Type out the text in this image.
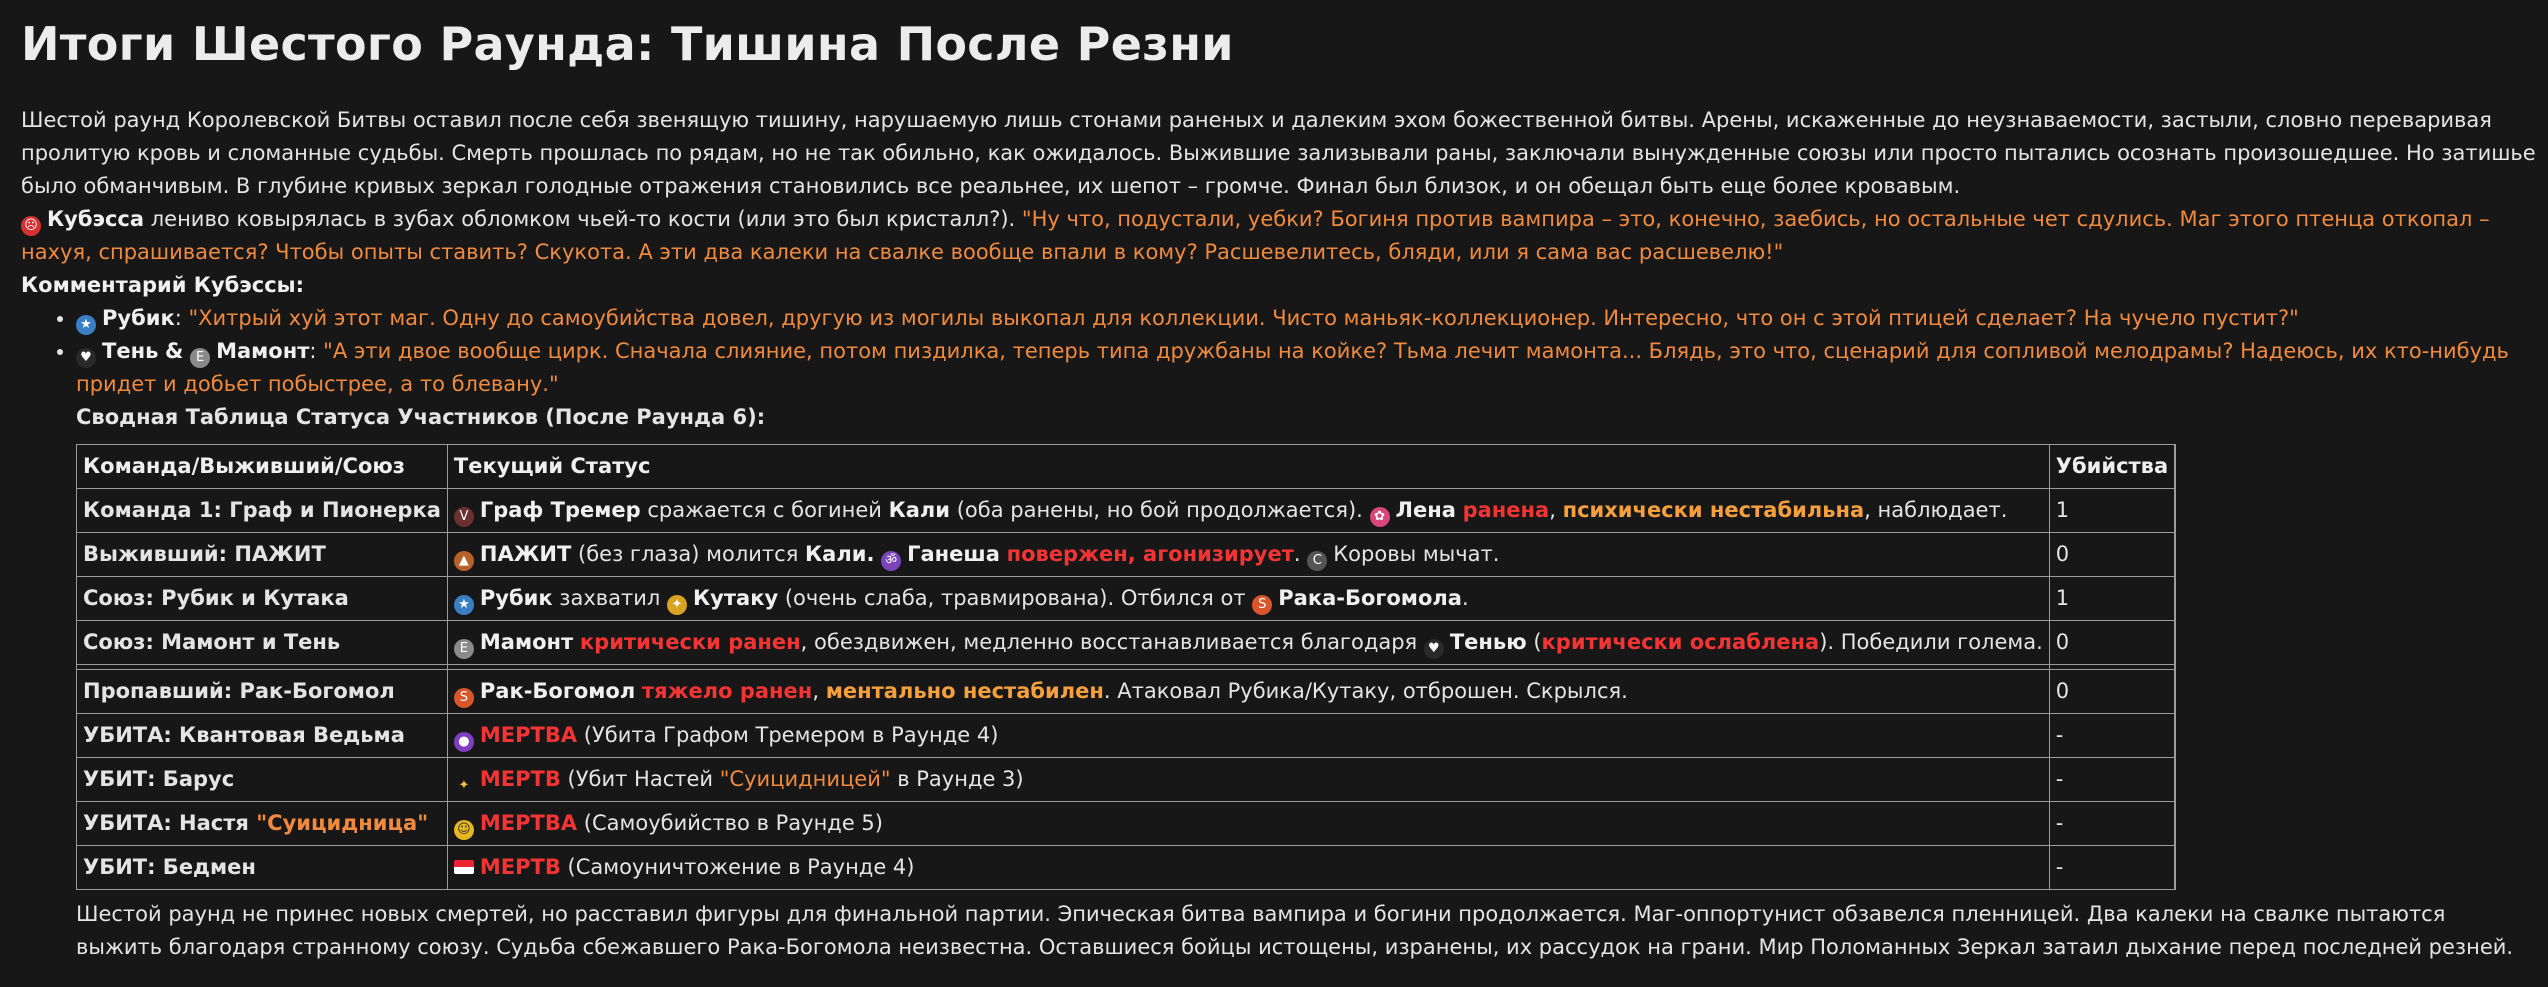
Итоги Шестого Раунда: Тишина После Резни

Шестой раунд Королевской Битвы оставил после себя звенящую тишину, нарушаемую лишь стонами раненых и далеким эхом божественной битвы. Арены, искаженные до неузнаваемости, застыли, словно переваривая пролитую кровь и сломанные судьбы. Смерть прошлась по рядам, но не так обильно, как ожидалось. Выжившие зализывали раны, заключали вынужденные союзы или просто пытались осознать произошедшее. Но затишье было обманчивым. В глубине кривых зеркал голодные отражения становились все реальнее, их шепот – громче. Финал был близок, и он обещал быть еще более кровавым.

☹ Кубэсса лениво ковырялась в зубах обломком чьей-то кости (или это был кристалл?). "Ну что, подустали, уебки? Богиня против вампира – это, конечно, заебись, но остальные чет сдулись. Маг этого птенца откопал – нахуя, спрашивается? Чтобы опыты ставить? Скукота. А эти два калеки на свалке вообще впали в кому? Расшевелитесь, бляди, или я сама вас расшевелю!"

Комментарий Кубэссы:

• ★ Рубик: "Хитрый хуй этот маг. Одну до самоубийства довел, другую из могилы выкопал для коллекции. Чисто маньяк-коллекционер. Интересно, что он с этой птицей сделает? На чучело пустит?"
• ♥ Тень & E Мамонт: "А эти двое вообще цирк. Сначала слияние, потом пиздилка, теперь типа дружбаны на койке? Тьма лечит мамонта... Блядь, это что, сценарий для сопливой мелодрамы? Надеюсь, их кто-нибудь придет и добьет побыстрее, а то блевану."

Сводная Таблица Статуса Участников (После Раунда 6):

Команда/Выживший/Союз	Текущий Статус	Убийства	
Команда 1: Граф и Пионерка	V Граф Тремер сражается с богиней Кали (оба ранены, но бой продолжается). ✿ Лена ранена, психически нестабильна, наблюдает.	1	
Выживший: ПАЖИТ	▲ ПАЖИТ (без глаза) молится Кали. ॐ Ганеша повержен, агонизирует. C Коровы мычат.	0	
Союз: Рубик и Кутака	★ Рубик захватил ✦ Кутаку (очень слаба, травмирована). Отбился от S Рака-Богомола.	1	
Союз: Мамонт и Тень	E Мамонт критически ранен, обездвижен, медленно восстанавливается благодаря ♥ Тенью (критически ослаблена). Победили голема.	0	

Пропавший: Рак-Богомол	S Рак-Богомол тяжело ранен, ментально нестабилен. Атаковал Рубика/Кутаку, отброшен. Скрылся.	0	
УБИТА: Квантовая Ведьма	● МЕРТВА (Убита Графом Тремером в Раунде 4)	-	
УБИТ: Барус	✦ МЕРТВ (Убит Настей "Суицидницей" в Раунде 3)	-	
УБИТА: Настя "Суицидница"	☺ МЕРТВА (Самоубийство в Раунде 5)	-	
УБИТ: Бедмен	МЕРТВ (Самоуничтожение в Раунде 4)	-	

Шестой раунд не принес новых смертей, но расставил фигуры для финальной партии. Эпическая битва вампира и богини продолжается. Маг-оппортунист обзавелся пленницей. Два калеки на свалке пытаются выжить благодаря странному союзу. Судьба сбежавшего Рака-Богомола неизвестна. Оставшиеся бойцы истощены, изранены, их рассудок на грани. Мир Поломанных Зеркал затаил дыхание перед последней резней.
